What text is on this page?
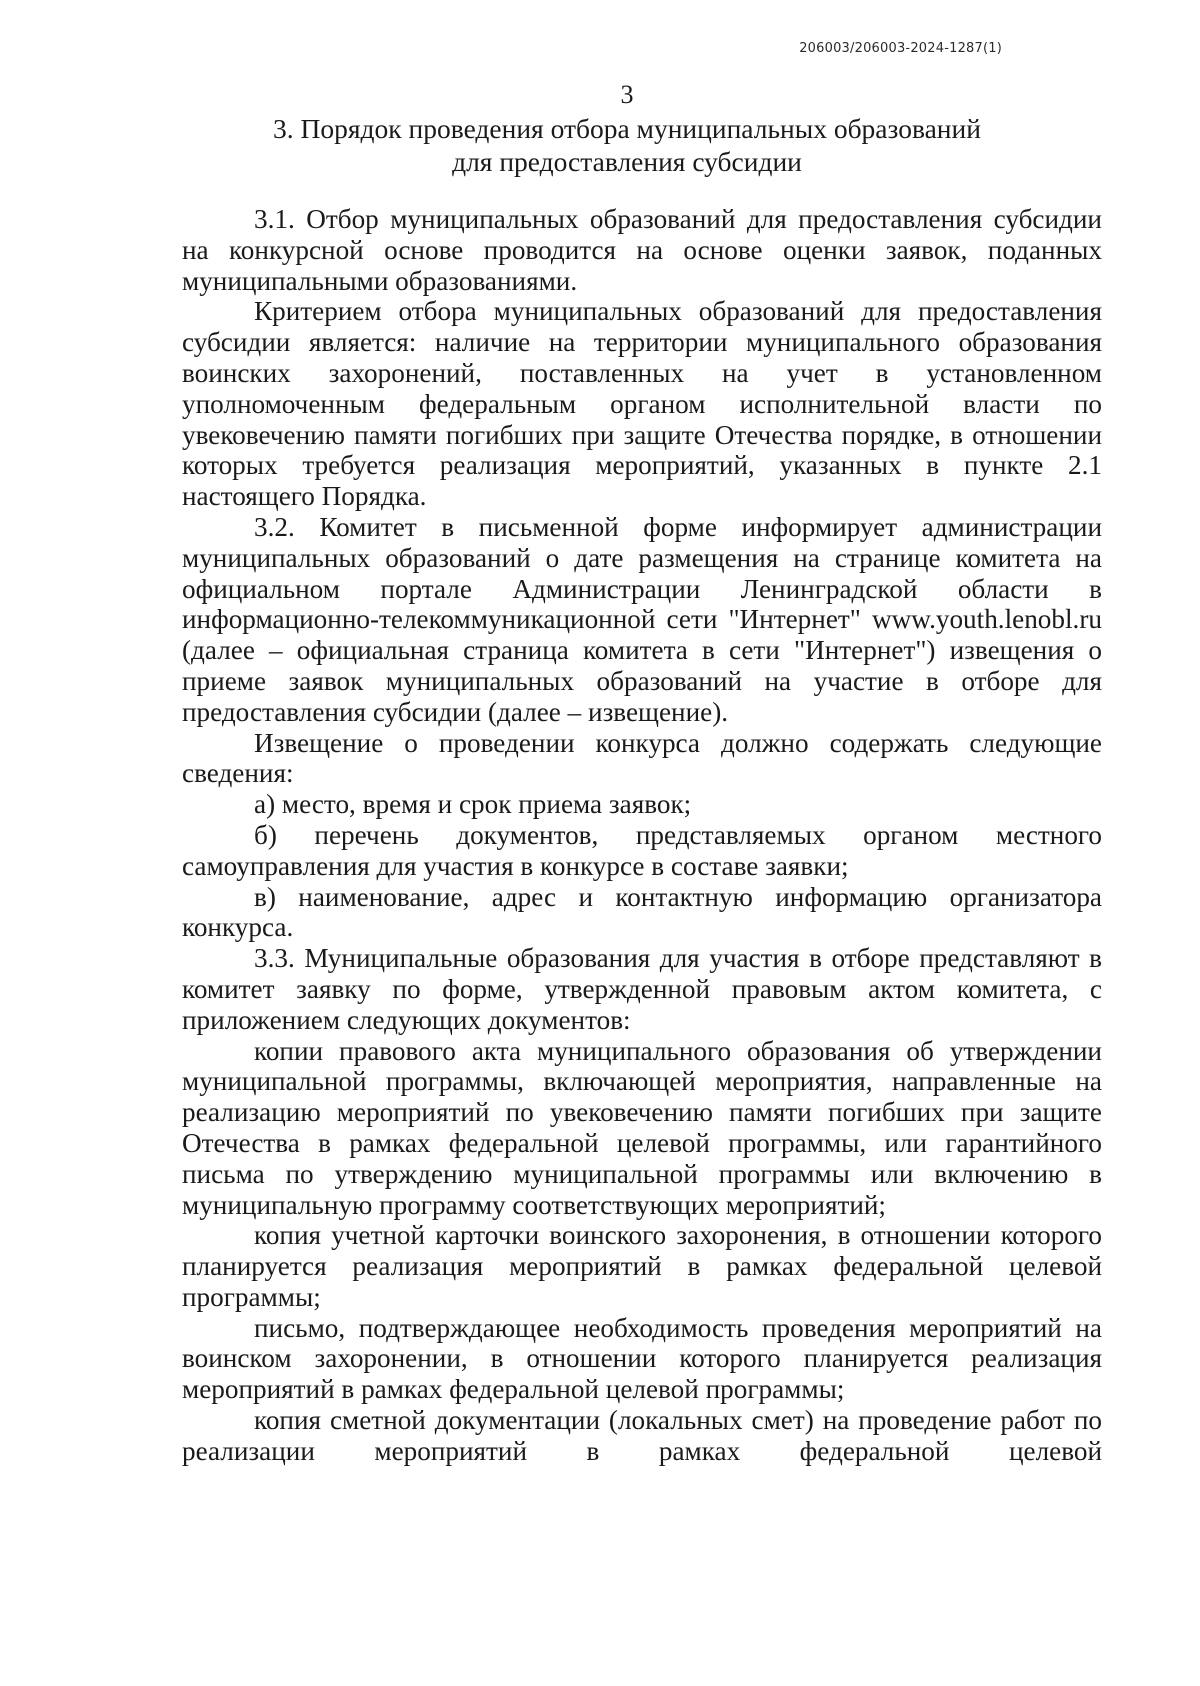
206003/206003-2024-1287(1)
3
3. Порядок проведения отбора муниципальных образований
для предоставления субсидии

3.1. Отбор муниципальных образований для предоставления субсидии на конкурсной основе проводится на основе оценки заявок, поданных муниципальными образованиями.

Критерием отбора муниципальных образований для предоставления субсидии является: наличие на территории муниципального образования воинских захоронений, поставленных на учет в установленном уполномоченным федеральным органом исполнительной власти по увековечению памяти погибших при защите Отечества порядке, в отношении которых требуется реализация мероприятий, указанных в пункте 2.1 настоящего Порядка.

3.2. Комитет в письменной форме информирует администрации муниципальных образований о дате размещения на странице комитета на официальном портале Администрации Ленинградской области в информационно-телекоммуникационной сети "Интернет" www.youth.lenobl.ru (далее – официальная страница комитета в сети "Интернет") извещения о приеме заявок муниципальных образований на участие в отборе для предоставления субсидии (далее – извещение).

Извещение о проведении конкурса должно содержать следующие сведения:

а) место, время и срок приема заявок;

б) перечень документов, представляемых органом местного самоуправления для участия в конкурсе в составе заявки;

в) наименование, адрес и контактную информацию организатора конкурса.

3.3. Муниципальные образования для участия в отборе представляют в комитет заявку по форме, утвержденной правовым актом комитета, с приложением следующих документов:

копии правового акта муниципального образования об утверждении муниципальной программы, включающей мероприятия, направленные на реализацию мероприятий по увековечению памяти погибших при защите Отечества в рамках федеральной целевой программы, или гарантийного письма по утверждению муниципальной программы или включению в муниципальную программу соответствующих мероприятий;

копия учетной карточки воинского захоронения, в отношении которого планируется реализация мероприятий в рамках федеральной целевой программы;

письмо, подтверждающее необходимость проведения мероприятий на воинском захоронении, в отношении которого планируется реализация мероприятий в рамках федеральной целевой программы;

копия сметной документации (локальных смет) на проведение работ по реализации мероприятий в рамках федеральной целевой
